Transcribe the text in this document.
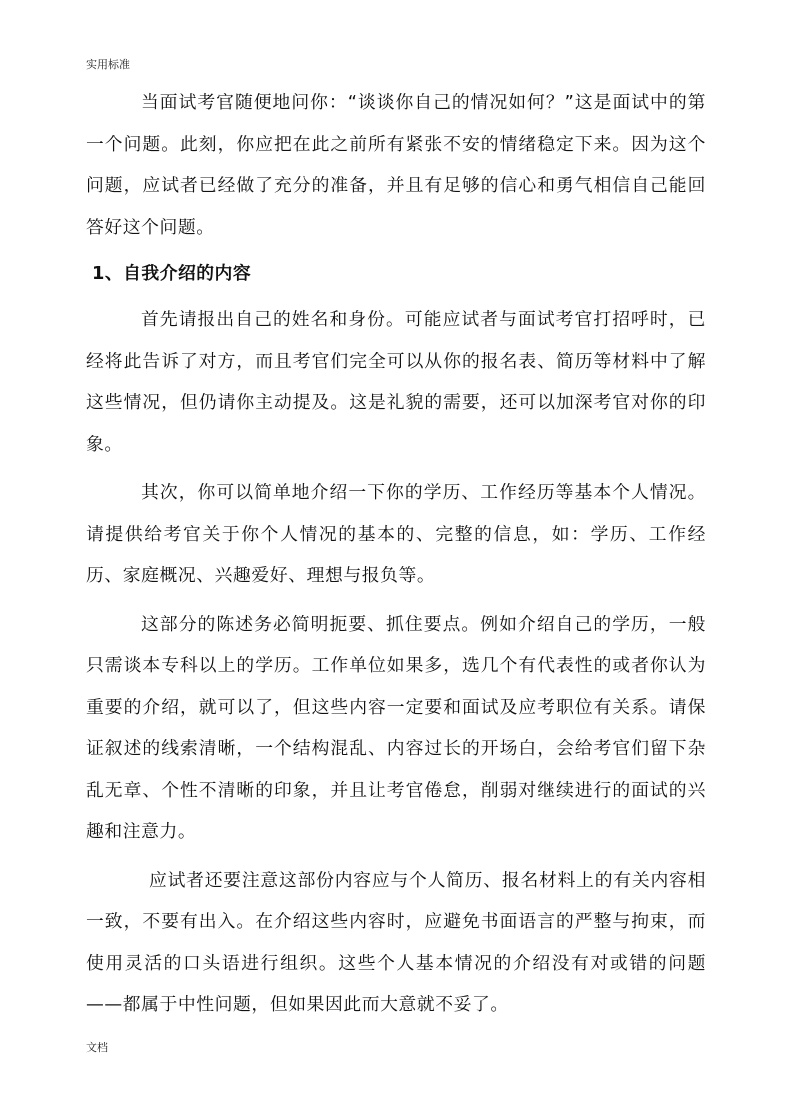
实用标准

当面试考官随便地问你：“谈谈你自己的情况如何？”这是面试中的第一个问题。此刻，你应把在此之前所有紧张不安的情绪稳定下来。因为这个问题，应试者已经做了充分的准备，并且有足够的信心和勇气相信自己能回答好这个问题。

1、自我介绍的内容

首先请报出自己的姓名和身份。可能应试者与面试考官打招呼时，已经将此告诉了对方，而且考官们完全可以从你的报名表、简历等材料中了解这些情况，但仍请你主动提及。这是礼貌的需要，还可以加深考官对你的印象。

其次，你可以简单地介绍一下你的学历、工作经历等基本个人情况。请提供给考官关于你个人情况的基本的、完整的信息，如：学历、工作经历、家庭概况、兴趣爱好、理想与报负等。

这部分的陈述务必简明扼要、抓住要点。例如介绍自己的学历，一般只需谈本专科以上的学历。工作单位如果多，选几个有代表性的或者你认为重要的介绍，就可以了，但这些内容一定要和面试及应考职位有关系。请保证叙述的线索清晰，一个结构混乱、内容过长的开场白，会给考官们留下杂乱无章、个性不清晰的印象，并且让考官倦怠，削弱对继续进行的面试的兴趣和注意力。

应试者还要注意这部份内容应与个人简历、报名材料上的有关内容相一致，不要有出入。在介绍这些内容时，应避免书面语言的严整与拘束，而使用灵活的口头语进行组织。这些个人基本情况的介绍没有对或错的问题——都属于中性问题，但如果因此而大意就不妥了。

文档
